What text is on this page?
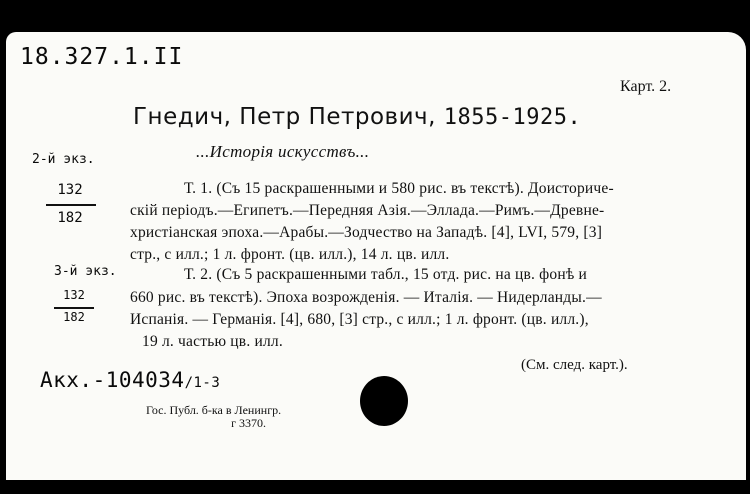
18.327.1.II
Карт. 2.
Гнедич, Петр Петрович, 1855-1925.
...Исторія искусствъ...
2-й экз.
132
182
3-й экз.
132
182
Т. 1. (Съ 15 раскрашенными и 580 рис. въ текстѣ). Доисториче-
скій періодъ.—Египетъ.—Передняя Азія.—Эллада.—Римъ.—Древне-
христіанская эпоха.—Арабы.—Зодчество на Западѣ. [4], LVI, 579, [3]
стр., с илл.; 1 л. фронт. (цв. илл.), 14 л. цв. илл.
Т. 2. (Съ 5 раскрашенными табл., 15 отд. рис. на цв. фонѣ и
660 рис. въ текстѣ). Эпоха возрожденія. — Италія. — Нидерланды.—
Испанія. — Германія. [4], 680, [3] стр., с илл.; 1 л. фронт. (цв. илл.),
19 л. частью цв. илл.
(См. след. карт.).
Акх.-104034/1-3
Гос. Публ. б-ка в Ленингр.
г 3370.
